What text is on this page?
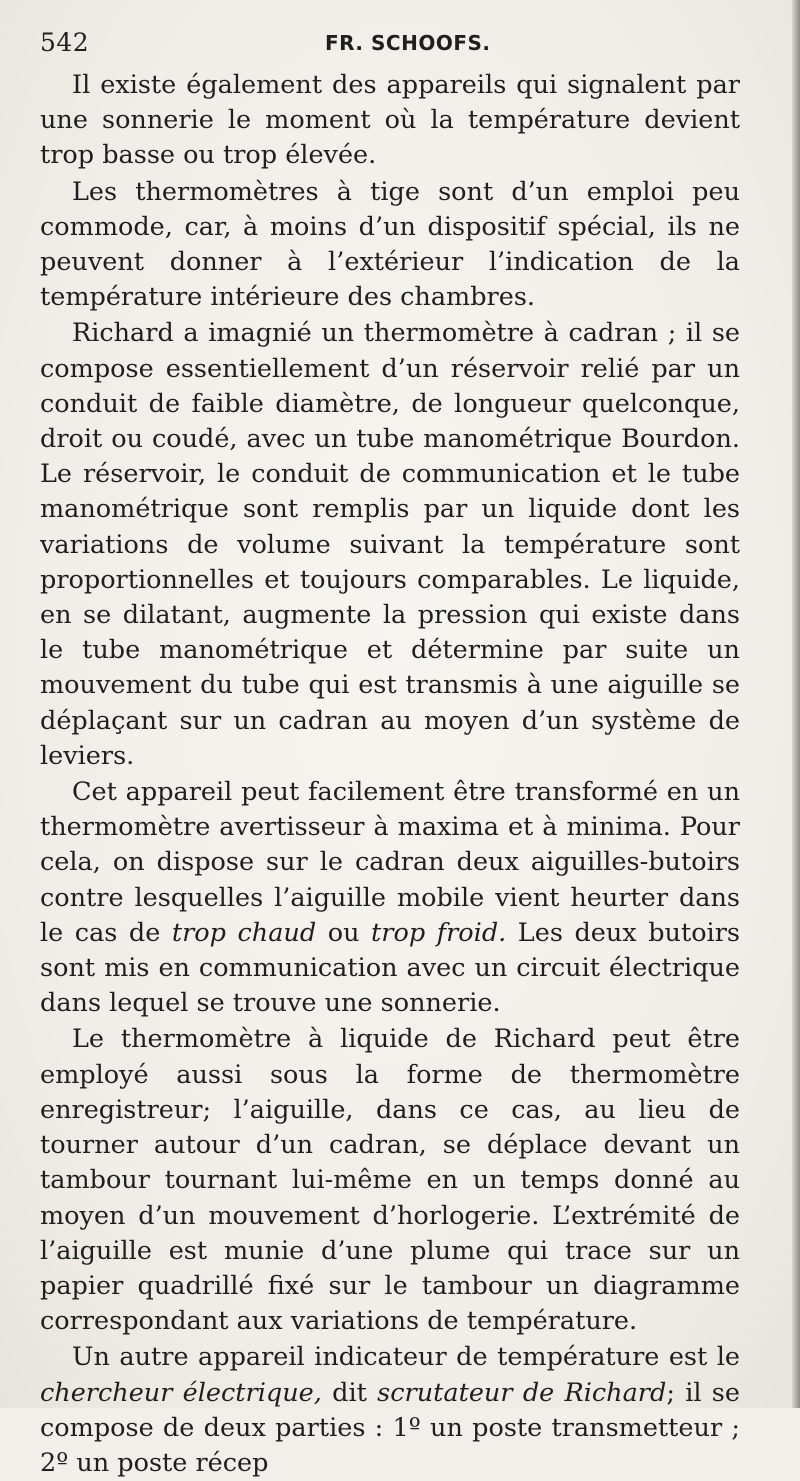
542	FR. SCHOOFS.

Il existe également des appareils qui signalent par une sonnerie le moment où la température devient trop basse ou trop élevée.

Les thermomètres à tige sont d’un emploi peu commode, car, à moins d’un dispositif spécial, ils ne peuvent donner à l’extérieur l’indication de la température intérieure des chambres.

Richard a imagnié un thermomètre à cadran ; il se compose essentiellement d’un réservoir relié par un conduit de faible diamètre, de longueur quelconque, droit ou coudé, avec un tube manométrique Bourdon. Le réservoir, le conduit de communication et le tube manométrique sont remplis par un liquide dont les variations de volume suivant la température sont proportionnelles et toujours comparables. Le liquide, en se dilatant, augmente la pression qui existe dans le tube manométrique et détermine par suite un mouvement du tube qui est transmis à une aiguille se déplaçant sur un cadran au moyen d’un système de leviers.

Cet appareil peut facilement être transformé en un thermomètre avertisseur à maxima et à minima. Pour cela, on dispose sur le cadran deux aiguilles-butoirs contre lesquelles l’aiguille mobile vient heurter dans le cas de trop chaud ou trop froid. Les deux butoirs sont mis en communication avec un circuit électrique dans lequel se trouve une sonnerie.

Le thermomètre à liquide de Richard peut être employé aussi sous la forme de thermomètre enregistreur; l’aiguille, dans ce cas, au lieu de tourner autour d’un cadran, se déplace devant un tambour tournant lui-même en un temps donné au moyen d’un mouvement d’horlogerie. L’extrémité de l’aiguille est munie d’une plume qui trace sur un papier quadrillé fixé sur le tambour un diagramme correspondant aux variations de température.

Un autre appareil indicateur de température est le chercheur électrique, dit scrutateur de Richard; il se compose de deux parties : 1º un poste transmetteur ; 2º un poste récep
